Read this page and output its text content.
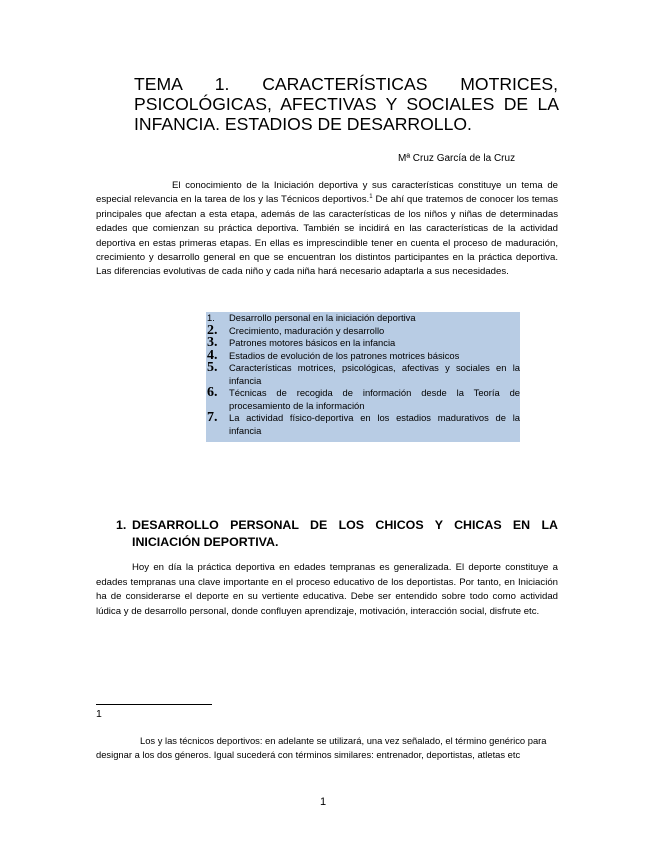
TEMA 1. CARACTERÍSTICAS MOTRICES, PSICOLÓGICAS, AFECTIVAS Y SOCIALES DE LA INFANCIA. ESTADIOS DE DESARROLLO.

Mª Cruz García de la Cruz

El conocimiento de la Iniciación deportiva y sus características constituye un tema de especial relevancia en la tarea de los y las Técnicos deportivos.$^1$ De ahí que tratemos de conocer los temas principales que afectan a esta etapa, además de las características de los niños y niñas de determinadas edades que comienzan su práctica deportiva. También se incidirá en las características de la actividad deportiva en estas primeras etapas. En ellas es imprescindible tener en cuenta el proceso de maduración, crecimiento y desarrollo general en que se encuentran los distintos participantes en la práctica deportiva. Las diferencias evolutivas de cada niño y cada niña hará necesario adaptarla a sus necesidades.

1.	Desarrollo personal en la iniciación deportiva
2.	Crecimiento, maduración y desarrollo
3.	Patrones motores básicos en la infancia
4.	Estadios de evolución de los patrones motrices básicos
5.	Características motrices, psicológicas, afectivas y sociales en la infancia
6.	Técnicas de recogida de información desde la Teoría de procesamiento de la información
7.	La actividad físico-deportiva en los estadios madurativos de la infancia
1. DESARROLLO PERSONAL DE LOS CHICOS Y CHICAS EN LA INICIACIÓN DEPORTIVA.

Hoy en día la práctica deportiva en edades tempranas es generalizada. El deporte constituye a edades tempranas una clave importante en el proceso educativo de los deportistas. Por tanto, en Iniciación ha de considerarse el deporte en su vertiente educativa. Debe ser entendido sobre todo como actividad lúdica y de desarrollo personal, donde confluyen aprendizaje, motivación, interacción social, disfrute etc.

1

Los y las técnicos deportivos: en adelante se utilizará, una vez señalado, el término genérico para designar a los dos géneros. Igual sucederá con términos similares: entrenador, deportistas, atletas etc

1
